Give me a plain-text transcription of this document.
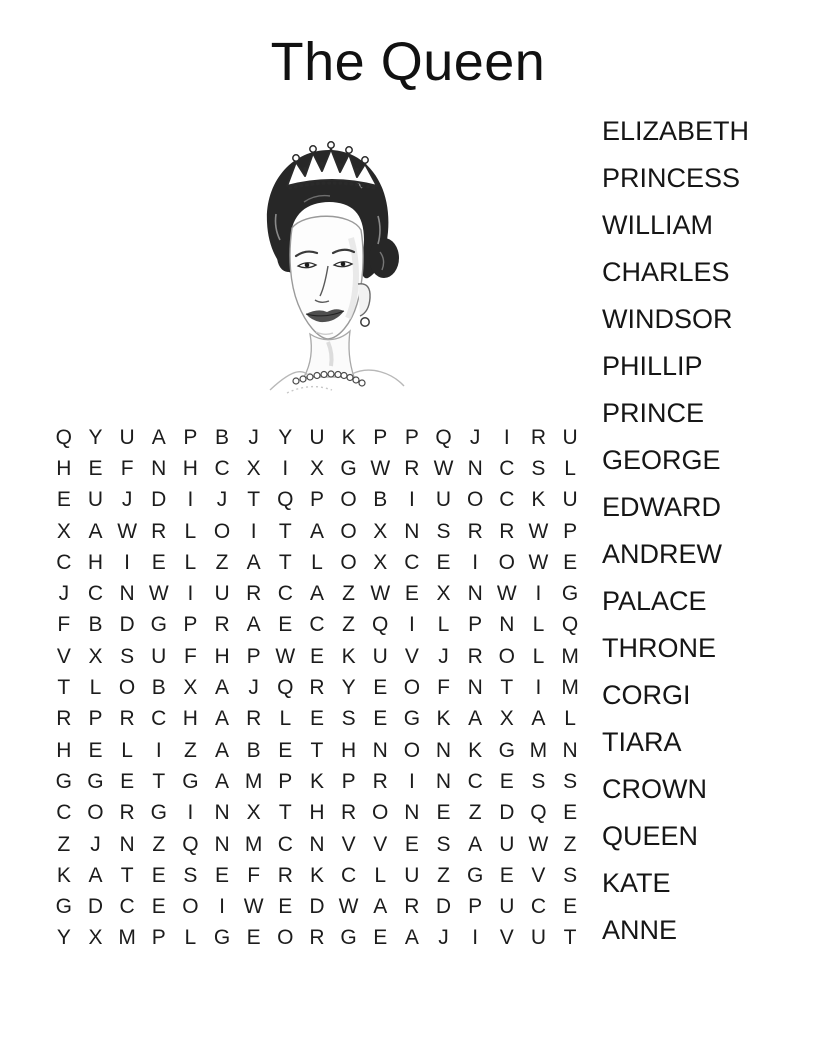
The Queen
Q Y U A P B J Y U K P P Q J	I	R U
H E F N H C X	I	X G W R W N C S L
E U J D	I	J T Q P O B	I	U O C K U
X A W R L O I	T A O X N S R R W P
C H	I	E L Z A T L O X C E	I O W E
J C N W I	U R C A Z W E X N W I G
F B D G P R A E C Z Q I	L P N L Q
V X S U F H P W E K U V J R O L M
T L O B X A J Q R Y E O F N T	I M
R P R C H A R L E S E G K A X A L
H E L	I	Z A B E T H N O N K G M N
G G E T G A M P K P R	I	N C E S S
C O R G I	N X T H R O N E Z D Q E
Z J N Z Q N M C N V V E S A U W Z
K A T E S E F R K C L U Z G E V S
G D C E O I W E D W A R D P U C E
Y X M P L G E O R G E A J	I	V U T
ELIZABETH
PRINCESS
WILLIAM
CHARLES
WINDSOR
PHILLIP
PRINCE
GEORGE
EDWARD
ANDREW
PALACE
THRONE
CORGI
TIARA
CROWN
QUEEN
KATE
ANNE
